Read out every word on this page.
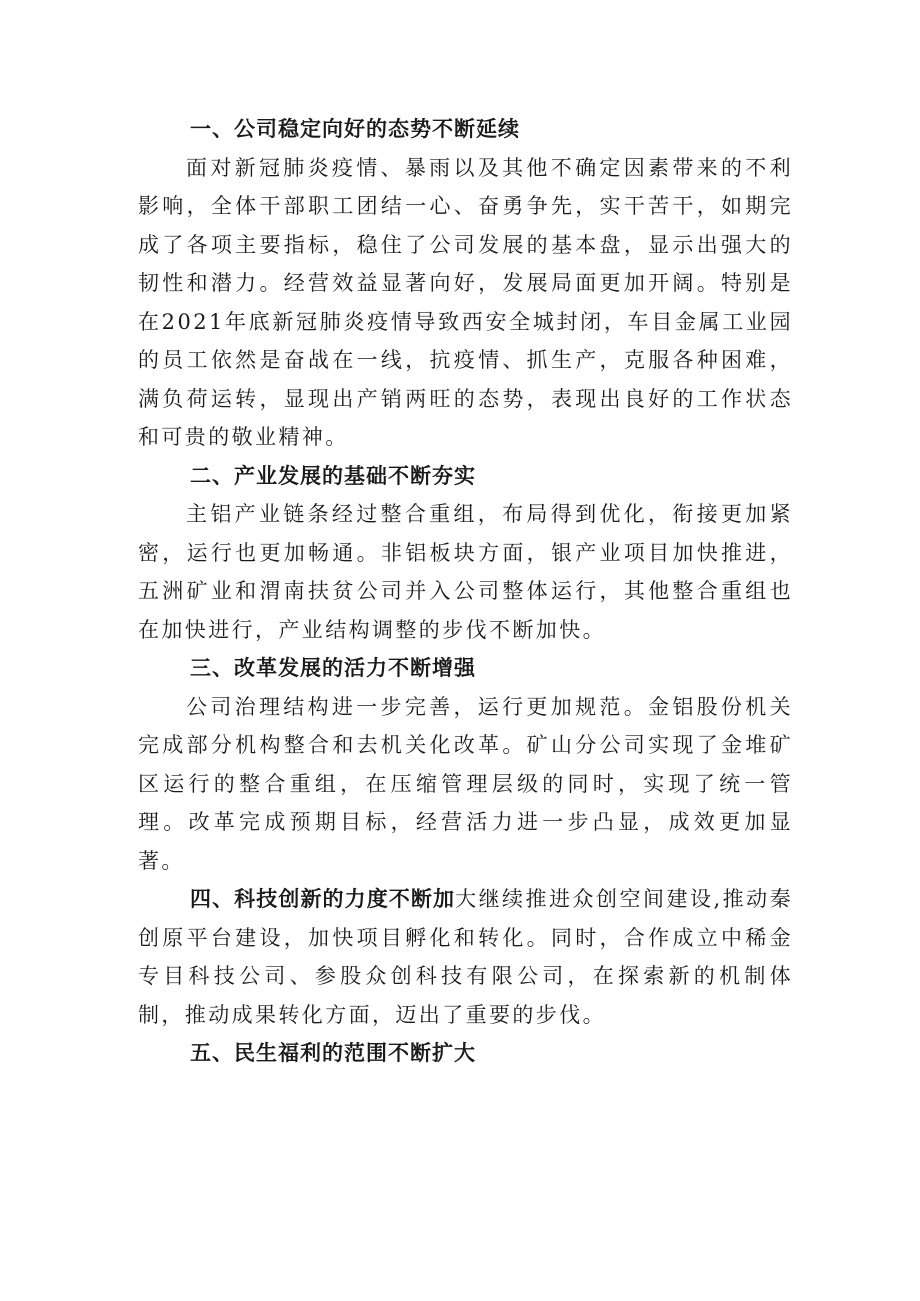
一、公司稳定向好的态势不断延续

面对新冠肺炎疫情、暴雨以及其他不确定因素带来的不利影响，全体干部职工团结一心、奋勇争先，实干苦干，如期完成了各项主要指标，稳住了公司发展的基本盘，显示出强大的韧性和潜力。经营效益显著向好，发展局面更加开阔。特别是在2021年底新冠肺炎疫情导致西安全城封闭，车目金属工业园的员工依然是奋战在一线，抗疫情、抓生产，克服各种困难，满负荷运转，显现出产销两旺的态势，表现出良好的工作状态和可贵的敬业精神。

二、产业发展的基础不断夯实

主铝产业链条经过整合重组，布局得到优化，衔接更加紧密，运行也更加畅通。非铝板块方面，银产业项目加快推进，五洲矿业和渭南扶贫公司并入公司整体运行，其他整合重组也在加快进行，产业结构调整的步伐不断加快。

三、改革发展的活力不断增强

公司治理结构进一步完善，运行更加规范。金铝股份机关完成部分机构整合和去机关化改革。矿山分公司实现了金堆矿区运行的整合重组，在压缩管理层级的同时，实现了统一管理。改革完成预期目标，经营活力进一步凸显，成效更加显著。

四、科技创新的力度不断加大继续推进众创空间建设,推动秦创原平台建设，加快项目孵化和转化。同时，合作成立中稀金专目科技公司、参股众创科技有限公司，在探索新的机制体制，推动成果转化方面，迈出了重要的步伐。

五、民生福利的范围不断扩大
